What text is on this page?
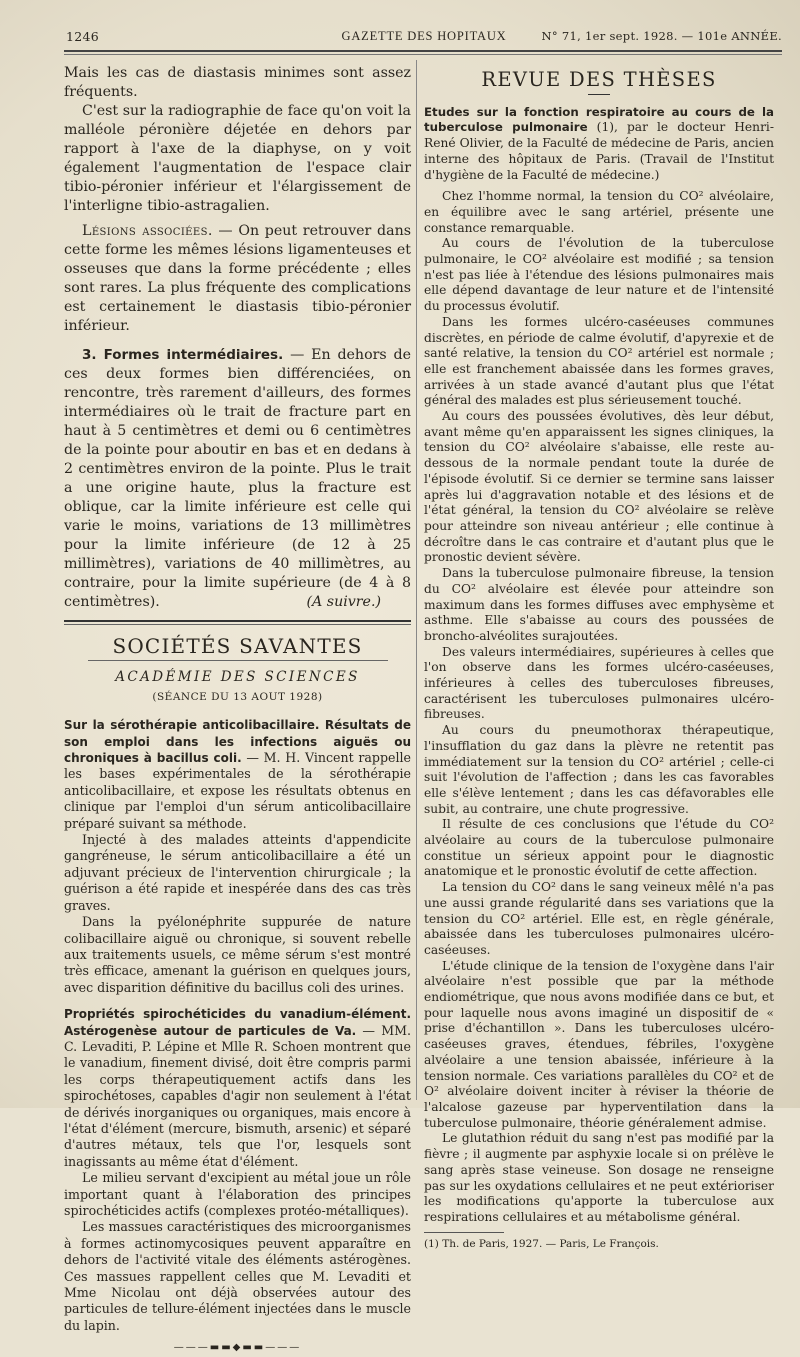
1246	GAZETTE DES HOPITAUX	N° 71, 1er sept. 1928. — 101e ANNÉE.

Mais les cas de diastasis minimes sont assez fréquents.

C'est sur la radiographie de face qu'on voit la malléole péronière déjetée en dehors par rapport à l'axe de la diaphyse, on y voit également l'augmentation de l'espace clair tibio-péronier inférieur et l'élargissement de l'interligne tibio-astragalien.

Lésions associées. — On peut retrouver dans cette forme les mêmes lésions ligamenteuses et osseuses que dans la forme précédente ; elles sont rares. La plus fréquente des complications est certainement le diastasis tibio-péronier inférieur.

3. Formes intermédiaires. — En dehors de ces deux formes bien différenciées, on rencontre, très rarement d'ailleurs, des formes intermédiaires où le trait de fracture part en haut à 5 centimètres et demi ou 6 centimètres de la pointe pour aboutir en bas et en dedans à 2 centimètres environ de la pointe. Plus le trait a une origine haute, plus la fracture est oblique, car la limite inférieure est celle qui varie le moins, variations de 13 millimètres pour la limite inférieure (de 12 à 25 millimètres), variations de 40 millimètres, au contraire, pour la limite supérieure (de 4 à 8 centimètres).	(A suivre.)

SOCIÉTÉS SAVANTES
ACADÉMIE DES SCIENCES
(SÉANCE DU 13 AOUT 1928)

Sur la sérothérapie anticolibacillaire. Résultats de son emploi dans les infections aiguës ou chroniques à bacillus coli. — M. H. Vincent rappelle les bases expérimentales de la sérothérapie anticolibacillaire, et expose les résultats obtenus en clinique par l'emploi d'un sérum anticolibacillaire préparé suivant sa méthode.

Injecté à des malades atteints d'appendicite gangréneuse, le sérum anticolibacillaire a été un adjuvant précieux de l'intervention chirurgicale ; la guérison a été rapide et inespérée dans des cas très graves.

Dans la pyélonéphrite suppurée de nature colibacillaire aiguë ou chronique, si souvent rebelle aux traitements usuels, ce même sérum s'est montré très efficace, amenant la guérison en quelques jours, avec disparition définitive du bacillus coli des urines.

Propriétés spirochéticides du vanadium-élément. Astérogenèse autour de particules de Va. — MM. C. Levaditi, P. Lépine et Mlle R. Schoen montrent que le vanadium, finement divisé, doit être compris parmi les corps thérapeutiquement actifs dans les spirochétoses, capables d'agir non seulement à l'état de dérivés inorganiques ou organiques, mais encore à l'état d'élément (mercure, bismuth, arsenic) et séparé d'autres métaux, tels que l'or, lesquels sont inagissants au même état d'élément.

Le milieu servant d'excipient au métal joue un rôle important quant à l'élaboration des principes spirochéticides actifs (complexes protéo-métalliques).

Les massues caractéristiques des microorganismes à formes actinomycosiques peuvent apparaître en dehors de l'activité vitale des éléments astérogènes. Ces massues rappellent celles que M. Levaditi et Mme Nicolau ont déjà observées autour des particules de tellure-élément injectées dans le muscle du lapin.

———▬▬◆▬▬———
REVUE DES THÈSES

Etudes sur la fonction respiratoire au cours de la tuberculose pulmonaire (1), par le docteur Henri-René Olivier, de la Faculté de médecine de Paris, ancien interne des hôpitaux de Paris. (Travail de l'Institut d'hygiène de la Faculté de médecine.)

Chez l'homme normal, la tension du CO² alvéolaire, en équilibre avec le sang artériel, présente une constance remarquable.

Au cours de l'évolution de la tuberculose pulmonaire, le CO² alvéolaire est modifié ; sa tension n'est pas liée à l'étendue des lésions pulmonaires mais elle dépend davantage de leur nature et de l'intensité du processus évolutif.

Dans les formes ulcéro-caséeuses communes discrètes, en période de calme évolutif, d'apyrexie et de santé relative, la tension du CO² artériel est normale ; elle est franchement abaissée dans les formes graves, arrivées à un stade avancé d'autant plus que l'état général des malades est plus sérieusement touché.

Au cours des poussées évolutives, dès leur début, avant même qu'en apparaissent les signes cliniques, la tension du CO² alvéolaire s'abaisse, elle reste au-dessous de la normale pendant toute la durée de l'épisode évolutif. Si ce dernier se termine sans laisser après lui d'aggravation notable et des lésions et de l'état général, la tension du CO² alvéolaire se relève pour atteindre son niveau antérieur ; elle continue à décroître dans le cas contraire et d'autant plus que le pronostic devient sévère.

Dans la tuberculose pulmonaire fibreuse, la tension du CO² alvéolaire est élevée pour atteindre son maximum dans les formes diffuses avec emphysème et asthme. Elle s'abaisse au cours des poussées de broncho-alvéolites surajoutées.

Des valeurs intermédiaires, supérieures à celles que l'on observe dans les formes ulcéro-caséeuses, inférieures à celles des tuberculoses fibreuses, caractérisent les tuberculoses pulmonaires ulcéro-fibreuses.

Au cours du pneumothorax thérapeutique, l'insufflation du gaz dans la plèvre ne retentit pas immédiatement sur la tension du CO² artériel ; celle-ci suit l'évolution de l'affection ; dans les cas favorables elle s'élève lentement ; dans les cas défavorables elle subit, au contraire, une chute progressive.

Il résulte de ces conclusions que l'étude du CO² alvéolaire au cours de la tuberculose pulmonaire constitue un sérieux appoint pour le diagnostic anatomique et le pronostic évolutif de cette affection.

La tension du CO² dans le sang veineux mêlé n'a pas une aussi grande régularité dans ses variations que la tension du CO² artériel. Elle est, en règle générale, abaissée dans les tuberculoses pulmonaires ulcéro-caséeuses.

L'étude clinique de la tension de l'oxygène dans l'air alvéolaire n'est possible que par la méthode endiométrique, que nous avons modifiée dans ce but, et pour laquelle nous avons imaginé un dispositif de « prise d'échantillon ». Dans les tuberculoses ulcéro-caséeuses graves, étendues, fébriles, l'oxygène alvéolaire a une tension abaissée, inférieure à la tension normale. Ces variations parallèles du CO² et de O² alvéolaire doivent inciter à réviser la théorie de l'alcalose gazeuse par hyperventilation dans la tuberculose pulmonaire, théorie généralement admise.

Le glutathion réduit du sang n'est pas modifié par la fièvre ; il augmente par asphyxie locale si on prélève le sang après stase veineuse. Son dosage ne renseigne pas sur les oxydations cellulaires et ne peut extérioriser les modifications qu'apporte la tuberculose aux respirations cellulaires et au métabolisme général.

(1) Th. de Paris, 1927. — Paris, Le François.
